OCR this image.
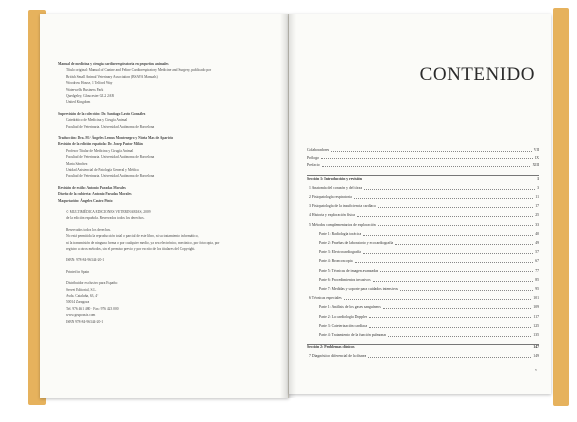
Manual de medicina y cirugía cardiorrespiratoria en pequeños animales
Título original: Manual of Canine and Feline Cardiorespiratory Medicine and Surgery, publicado por
British Small Animal Veterinary Association (BSAVA Manuals)
Woodrow House, 1 Telford Way
Waterwells Business Park
Quedgeley, Gloucester GL2 2AB
United Kingdom
Supervisión de la colección: Dr. Santiago Lavín González
Catedrático de Medicina y Cirugía Animal
Facultad de Veterinaria. Universidad Autónoma de Barcelona
Traducción: Dra. M.ª Ángeles Lemus Montenegro y Núria Mas de Aparicio
Revisión de la edición española: Dr. Josep Pastor Milán
Profesor Titular de Medicina y Cirugía Animal
Facultad de Veterinaria. Universidad Autónoma de Barcelona
Marta Sánchez
Unidad Asistencial de Patología General y Médica
Facultad de Veterinaria. Universidad Autónoma de Barcelona
Revisión de estilo: Antonio Paradas Morales
Diseño de la cubierta: Antonio Paradas Morales
Maquetación: Ángeles Castro Pinto
© MULTIMÉDICA EDICIONES VETERINARIAS, 2009
de la edición española. Reservados todos los derechos.
Reservados todos los derechos.
No está permitida la reproducción total o parcial de este libro, ni su tratamiento informático,
ni la transmisión de ninguna forma o por cualquier medio, ya sea electrónico, mecánico, por fotocopia, por
registro u otros métodos, sin el permiso previo y por escrito de los titulares del Copyright.
ISBN: 978-84-96344-20-1
Printed in Spain
Distribuidor exclusivo para España:
Servet Editorial, S.L.
Avda. Cataluña, 63, 4º
50014 Zaragoza
Tel. 976 461 480 · Fax: 976 423 000
www.grupoasis.com
ISBN 978-84-96344-20-1
CONTENIDO
v
Colaboradores	VII
Prólogo	IX
Prefacio	XIII
Sección 1: Introducción y revisión	1
1 Anatomía del corazón y del tórax	3
2 Fisiopatología respiratoria	11
3 Fisiopatología de la insuficiencia cardíaca	17
4 Historia y exploración física	25
5 Métodos complementarios de exploración	33
Parte 1: Radiología torácica	40
Parte 2: Pruebas de laboratorio y ecocardiografía	49
Parte 3: Electrocardiografía	57
Parte 4: Broncoscopia	67
Parte 5: Técnicas de imagen avanzadas	77
Parte 6: Procedimientos invasivos	85
Parte 7: Medidas y soporte para cuidados intensivos	95
6 Técnicas especiales	101
Parte 1: Análisis de los gases sanguíneos	109
Parte 2: La cardiología Doppler	117
Parte 3: Cateterización cardíaca	125
Parte 4: Tratamiento de la función pulmonar	135
Sección 2: Problemas clínicos	147
7 Diagnóstico diferencial de la disnea	149
